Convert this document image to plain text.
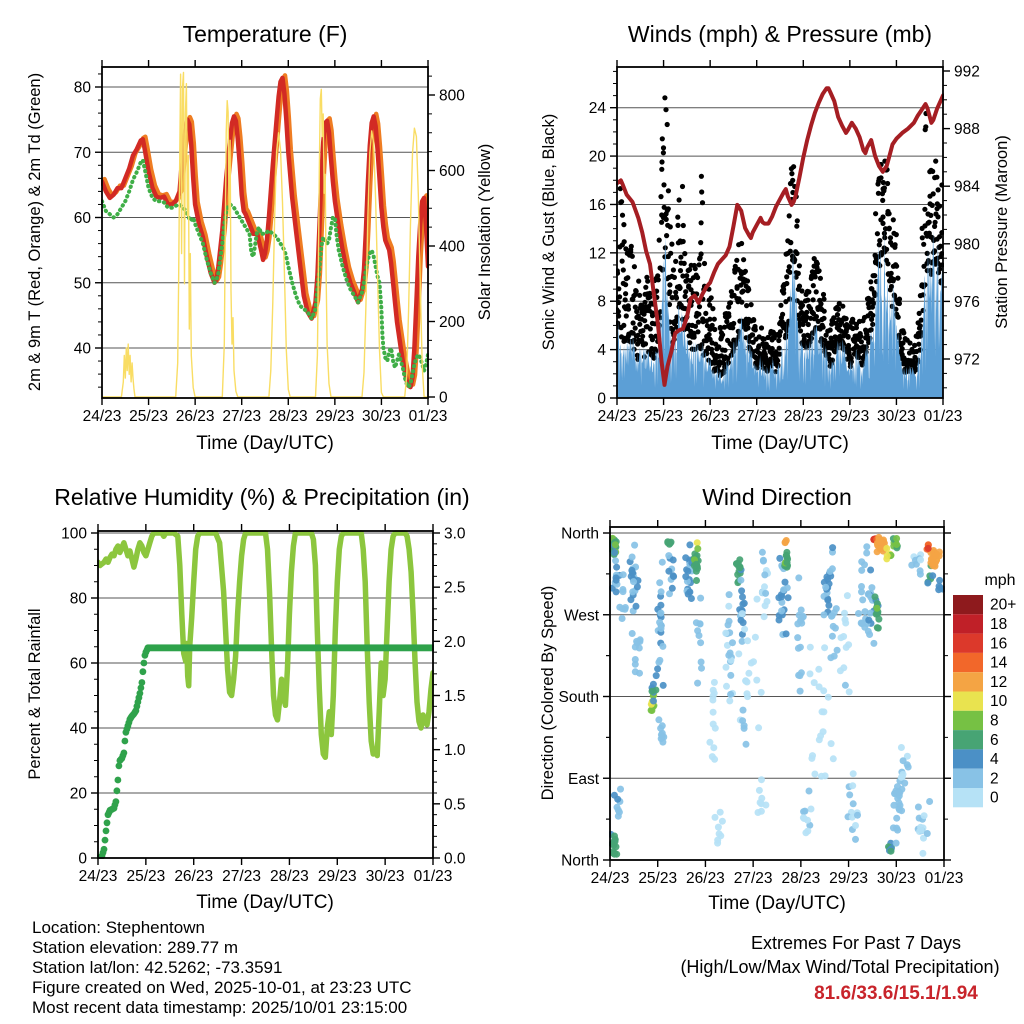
24/23 25/23 26/23 27/23 28/23 29/23 30/23 01/23
40
50
60
70
80
0
200
400
600
800
Temperature (F)
Time (Day/UTC)
2m & 9m T (Red, Orange) & 2m Td (Green)	Solar Insolation (Yellow)
24/23 25/23 26/23 27/23 28/23 29/23 30/23 01/23
0
4
8
12
16
20
24
972
976
980
984
988
992
Winds (mph) & Pressure (mb)
Time (Day/UTC)
Sonic Wind & Gust (Blue, Black)	Station Pressure (Maroon)
24/23 25/23 26/23 27/23 28/23 29/23 30/23 01/23
0
20
40
60
80
100
0.0
0.5
1.0
1.5
2.0
2.5
3.0
Relative Humidity (%) & Precipitation (in)
Time (Day/UTC)
Percent & Total Rainfall
24/23 25/23 26/23 27/23 28/23 29/23 30/23 01/23
North
West
South
East
North
Wind Direction
Time (Day/UTC)
Direction (Colored By Speed)
mph
20+
18
16
14
12
10
8
6
4
2
0
Location: Stephentown
Station elevation: 289.77 m
Station lat/lon: 42.5262; -73.3591
Figure created on Wed, 2025-10-01, at 23:23 UTC
Most recent data timestamp: 2025/10/01 23:15:00
Extremes For Past 7 Days
(High/Low/Max Wind/Total Precipitation)
81.6/33.6/15.1/1.94
